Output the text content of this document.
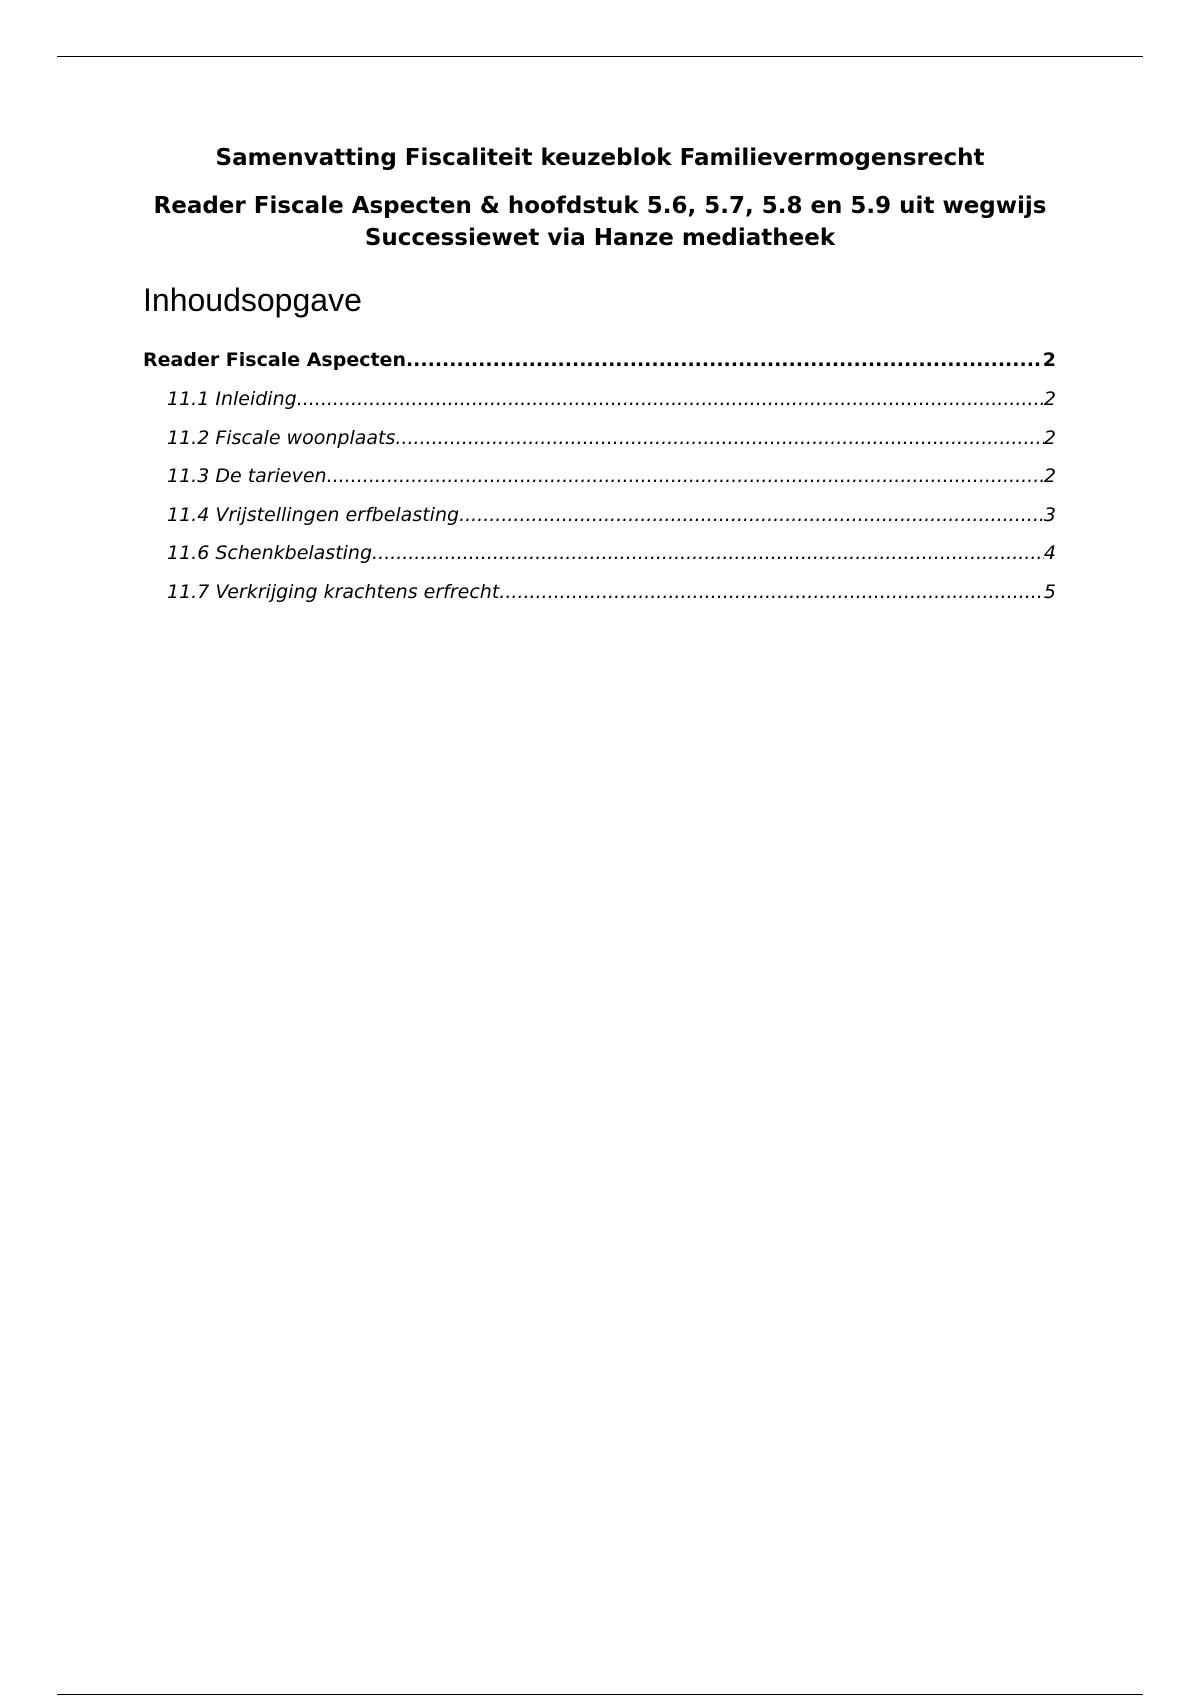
Samenvatting Fiscaliteit keuzeblok Familievermogensrecht
Reader Fiscale Aspecten & hoofdstuk 5.6, 5.7, 5.8 en 5.9 uit wegwijs Successiewet via Hanze mediatheek
Inhoudsopgave
Reader Fiscale Aspecten .....	2
11.1 Inleiding .....	2
11.2 Fiscale woonplaats .....	2
11.3 De tarieven .....	2
11.4 Vrijstellingen erfbelasting .....	3
11.6 Schenkbelasting .....	4
11.7 Verkrijging krachtens erfrecht .....	5
